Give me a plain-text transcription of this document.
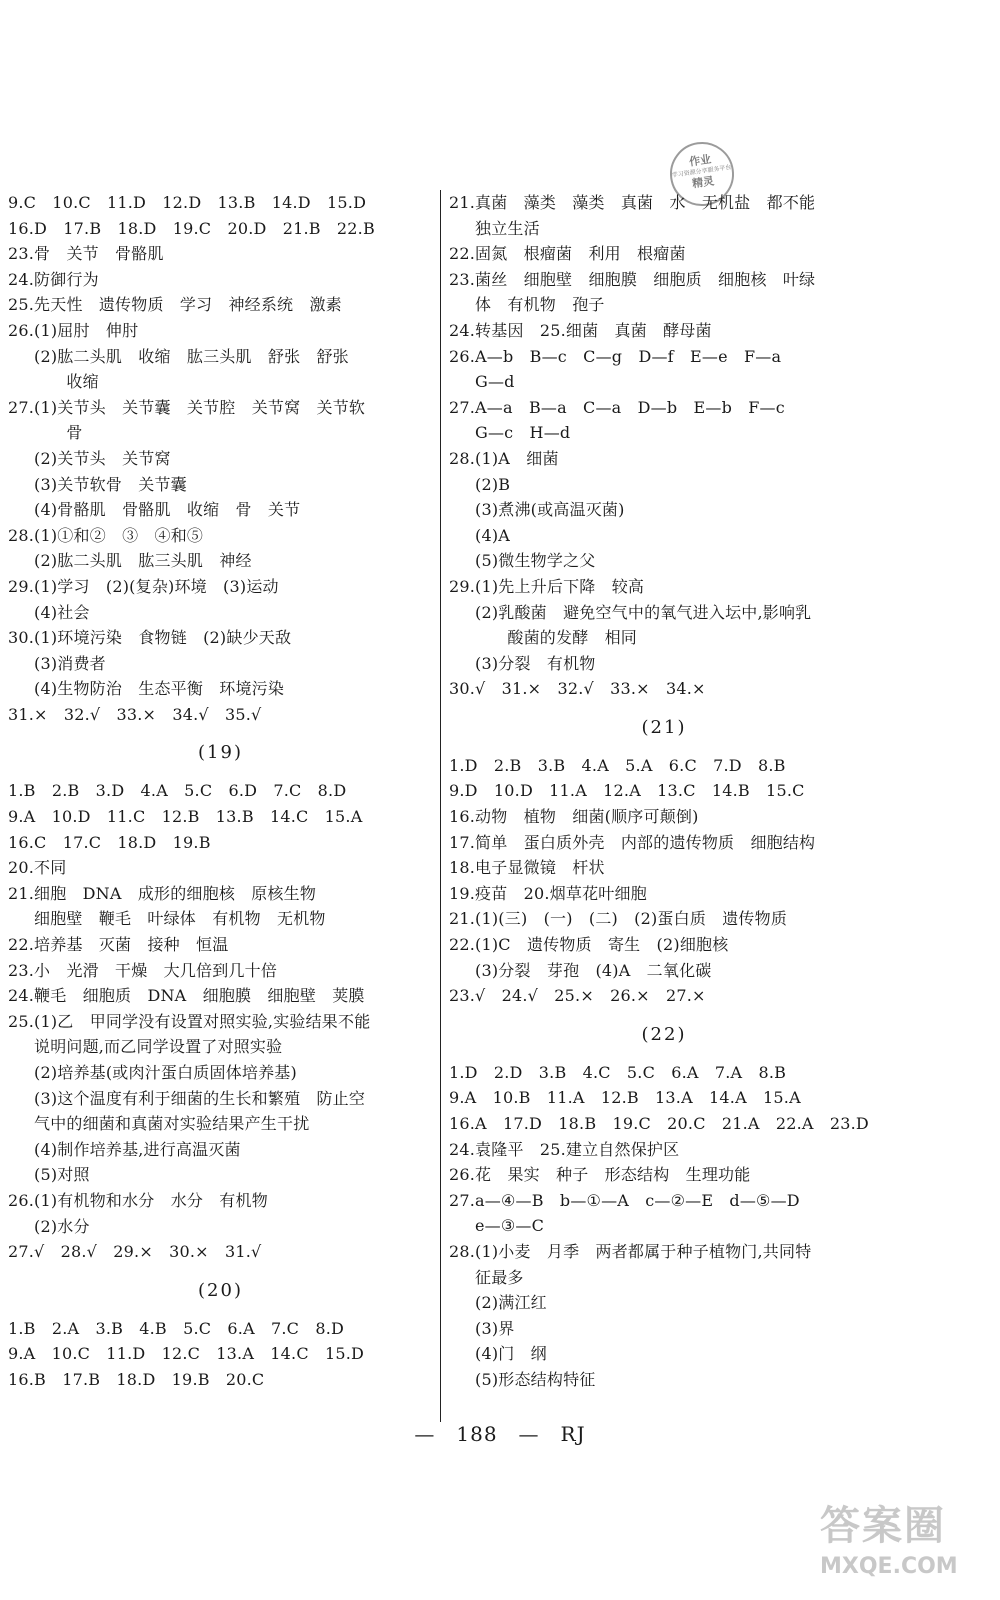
作业
学习资源分享服务平台
精灵
9.C　10.C　11.D　12.D　13.B　14.D　15.D
16.D　17.B　18.D　19.C　20.D　21.B　22.B
23.骨　关节　骨骼肌
24.防御行为
25.先天性　遗传物质　学习　神经系统　激素
26.(1)屈肘　伸肘
(2)肱二头肌　收缩　肱三头肌　舒张　舒张
　　收缩
27.(1)关节头　关节囊　关节腔　关节窝　关节软
　　骨
(2)关节头　关节窝
(3)关节软骨　关节囊
(4)骨骼肌　骨骼肌　收缩　骨　关节
28.(1)①和②　③　④和⑤
(2)肱二头肌　肱三头肌　神经
29.(1)学习　(2)(复杂)环境　(3)运动
(4)社会
30.(1)环境污染　食物链　(2)缺少天敌
(3)消费者
(4)生物防治　生态平衡　环境污染
31.×　32.√　33.×　34.√　35.√
(19)
1.B　2.B　3.D　4.A　5.C　6.D　7.C　8.D
9.A　10.D　11.C　12.B　13.B　14.C　15.A
16.C　17.C　18.D　19.B
20.不同
21.细胞　DNA　成形的细胞核　原核生物
细胞壁　鞭毛　叶绿体　有机物　无机物
22.培养基　灭菌　接种　恒温
23.小　光滑　干燥　大几倍到几十倍
24.鞭毛　细胞质　DNA　细胞膜　细胞壁　荚膜
25.(1)乙　甲同学没有设置对照实验,实验结果不能
说明问题,而乙同学设置了对照实验
(2)培养基(或肉汁蛋白质固体培养基)
(3)这个温度有利于细菌的生长和繁殖　防止空
气中的细菌和真菌对实验结果产生干扰
(4)制作培养基,进行高温灭菌
(5)对照
26.(1)有机物和水分　水分　有机物
(2)水分
27.√　28.√　29.×　30.×　31.√
(20)
1.B　2.A　3.B　4.B　5.C　6.A　7.C　8.D
9.A　10.C　11.D　12.C　13.A　14.C　15.D
16.B　17.B　18.D　19.B　20.C
21.真菌　藻类　藻类　真菌　水　无机盐　都不能
独立生活
22.固氮　根瘤菌　利用　根瘤菌
23.菌丝　细胞壁　细胞膜　细胞质　细胞核　叶绿
体　有机物　孢子
24.转基因　25.细菌　真菌　酵母菌
26.A—b　B—c　C—g　D—f　E—e　F—a
G—d
27.A—a　B—a　C—a　D—b　E—b　F—c
G—c　H—d
28.(1)A　细菌
(2)B
(3)煮沸(或高温灭菌)
(4)A
(5)微生物学之父
29.(1)先上升后下降　较高
(2)乳酸菌　避免空气中的氧气进入坛中,影响乳
　　酸菌的发酵　相同
(3)分裂　有机物
30.√　31.×　32.√　33.×　34.×
(21)
1.D　2.B　3.B　4.A　5.A　6.C　7.D　8.B
9.D　10.D　11.A　12.A　13.C　14.B　15.C
16.动物　植物　细菌(顺序可颠倒)
17.简单　蛋白质外壳　内部的遗传物质　细胞结构
18.电子显微镜　杆状
19.疫苗　20.烟草花叶细胞
21.(1)(三)　(一)　(二)　(2)蛋白质　遗传物质
22.(1)C　遗传物质　寄生　(2)细胞核
(3)分裂　芽孢　(4)A　二氧化碳
23.√　24.√　25.×　26.×　27.×
(22)
1.D　2.D　3.B　4.C　5.C　6.A　7.A　8.B
9.A　10.B　11.A　12.B　13.A　14.A　15.A
16.A　17.D　18.B　19.C　20.C　21.A　22.A　23.D
24.袁隆平　25.建立自然保护区
26.花　果实　种子　形态结构　生理功能
27.a—④—B　b—①—A　c—②—E　d—⑤—D
e—③—C
28.(1)小麦　月季　两者都属于种子植物门,共同特
征最多
(2)满江红
(3)界
(4)门　纲
(5)形态结构特征
—　188　—　RJ
答案圈
MXQE.COM
